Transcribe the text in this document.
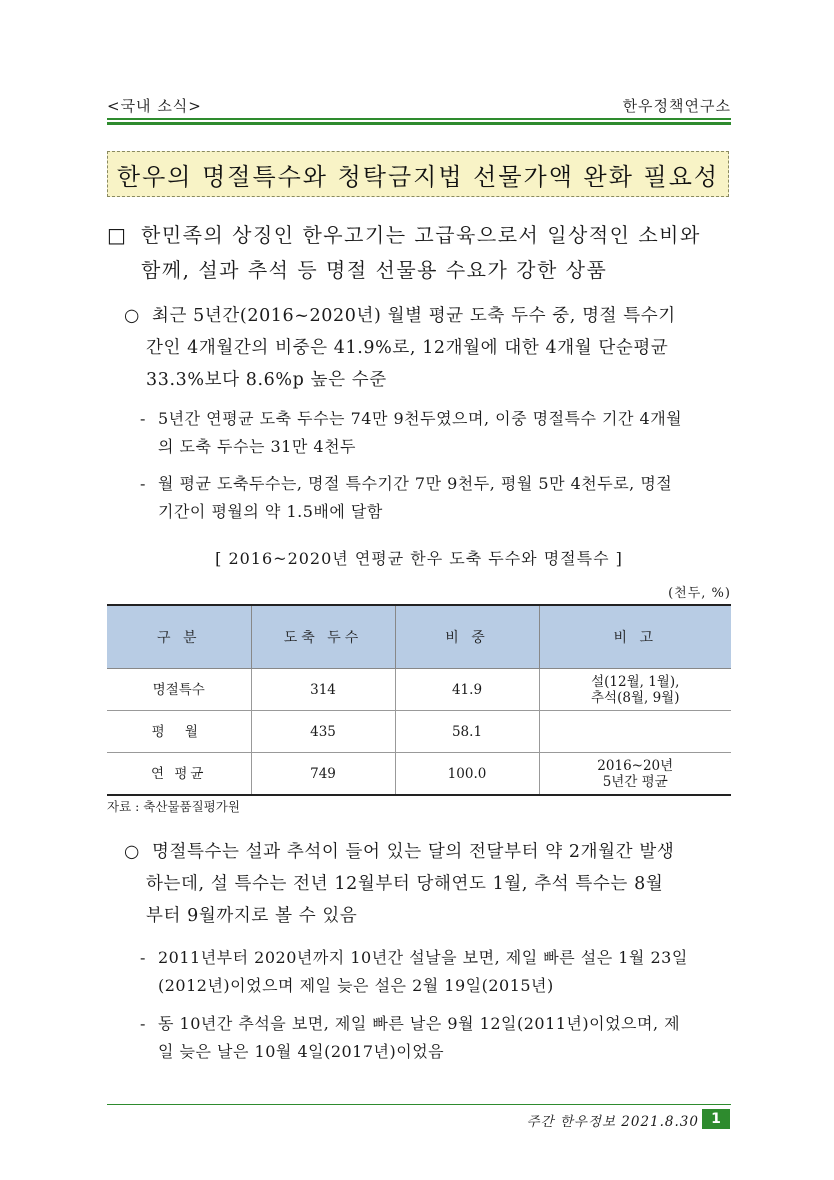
<국내 소식>	한우정책연구소
한우의 명절특수와 청탁금지법 선물가액 완화 필요성
□ 한민족의 상징인 한우고기는 고급육으로서 일상적인 소비와
함께, 설과 추석 등 명절 선물용 수요가 강한 상품
○ 최근 5년간(2016~2020년) 월별 평균 도축 두수 중, 명절 특수기
간인 4개월간의 비중은 41.9%로, 12개월에 대한 4개월 단순평균
33.3%보다 8.6%p 높은 수준
- 5년간 연평균 도축 두수는 74만 9천두였으며, 이중 명절특수 기간 4개월
의 도축 두수는 31만 4천두
- 월 평균 도축두수는, 명절 특수기간 7만 9천두, 평월 5만 4천두로, 명절
기간이 평월의 약 1.5배에 달함
[ 2016~2020년 연평균 한우 도축 두수와 명절특수 ]
(천두, %)
구 분	도축 두수	비 중	비 고
명절특수	314	41.9	설(12월, 1월),
추석(8월, 9월)
평 월	435	58.1	
연 평균	749	100.0	2016~20년
5년간 평균
자료 : 축산물품질평가원
○ 명절특수는 설과 추석이 들어 있는 달의 전달부터 약 2개월간 발생
하는데, 설 특수는 전년 12월부터 당해연도 1월, 추석 특수는 8월
부터 9월까지로 볼 수 있음
- 2011년부터 2020년까지 10년간 설날을 보면, 제일 빠른 설은 1월 23일
(2012년)이었으며 제일 늦은 설은 2월 19일(2015년)
- 동 10년간 추석을 보면, 제일 빠른 날은 9월 12일(2011년)이었으며, 제
일 늦은 날은 10월 4일(2017년)이었음
주간 한우정보 2021.8.30 1
